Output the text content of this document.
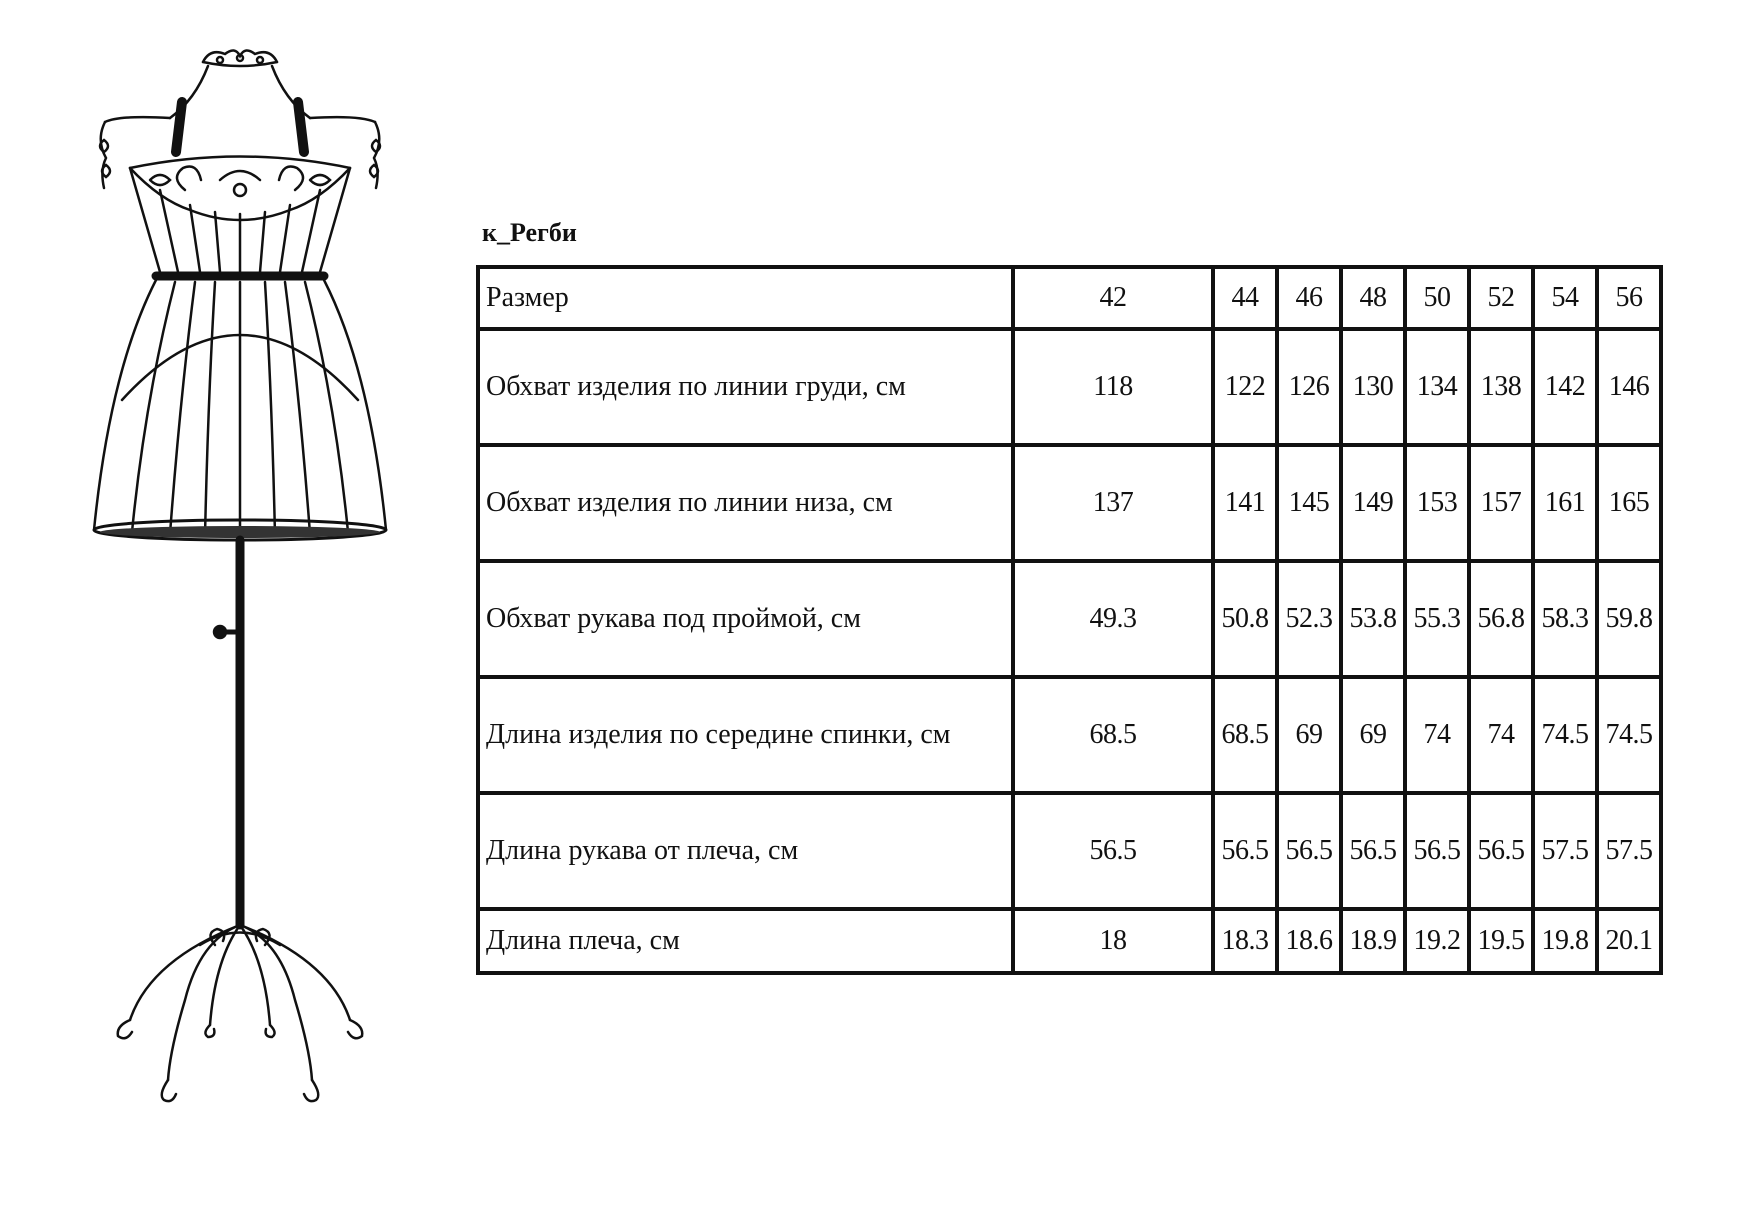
к_Регби
Размер	42	44	46	48	50	52	54	56
Обхват изделия по линии груди, см	118	122	126	130	134	138	142	146
Обхват изделия по линии низа, см	137	141	145	149	153	157	161	165
Обхват рукава под проймой, см	49.3	50.8	52.3	53.8	55.3	56.8	58.3	59.8
Длина изделия по середине спинки, см	68.5	68.5	69	69	74	74	74.5	74.5
Длина рукава от плеча, см	56.5	56.5	56.5	56.5	56.5	56.5	57.5	57.5
Длина плеча, см	18	18.3	18.6	18.9	19.2	19.5	19.8	20.1
